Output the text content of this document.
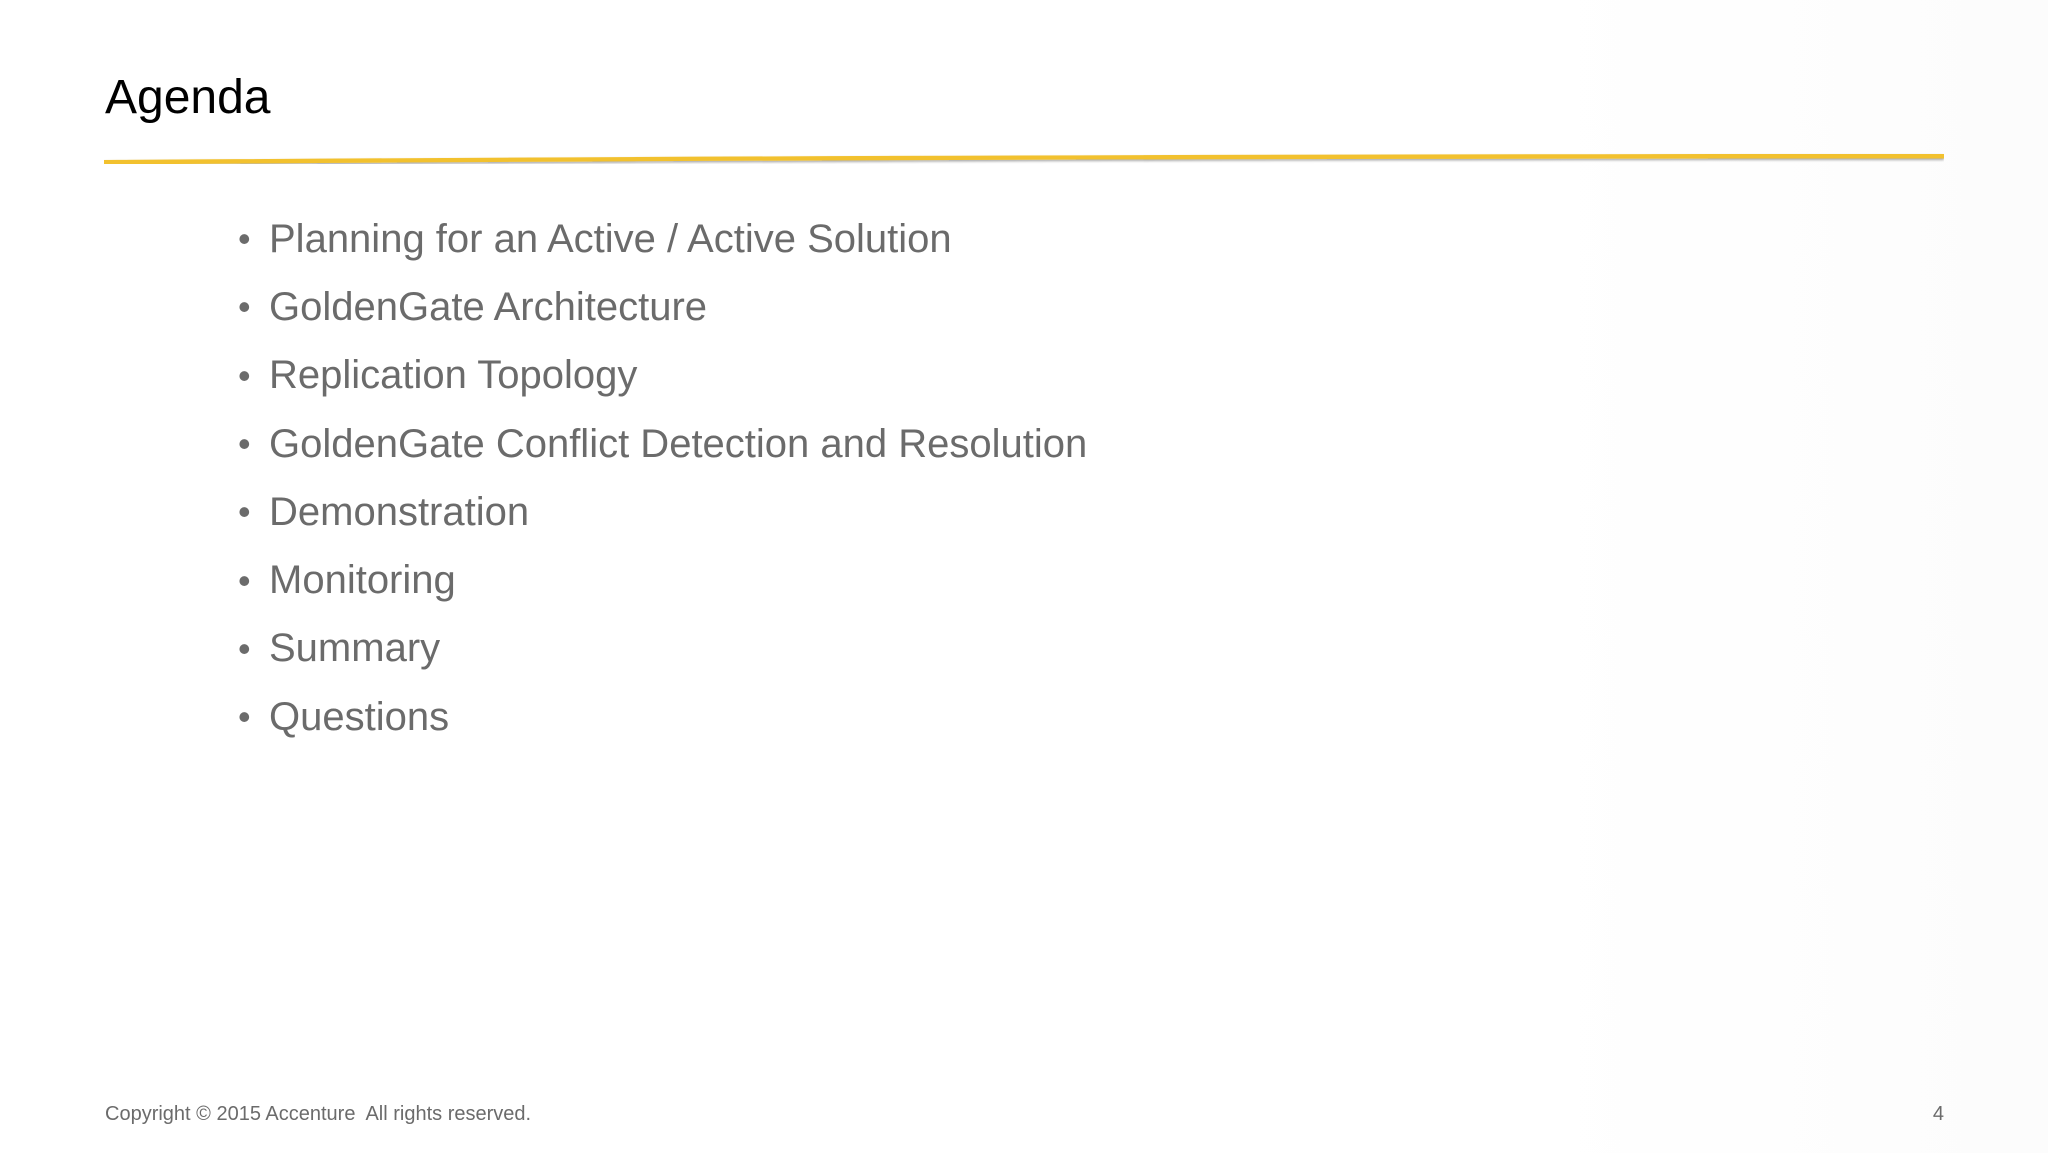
Agenda
• Planning for an Active / Active Solution
• GoldenGate Architecture
• Replication Topology
• GoldenGate Conflict Detection and Resolution
• Demonstration
• Monitoring
• Summary
• Questions
Copyright © 2015 Accenture  All rights reserved.	4
